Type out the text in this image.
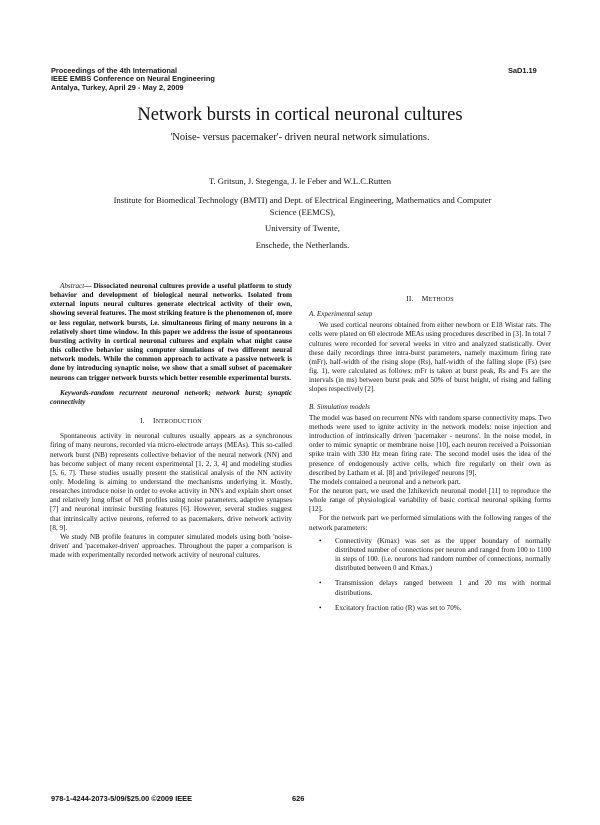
Proceedings of the 4th International
IEEE EMBS Conference on Neural Engineering
Antalya, Turkey, April 29 - May 2, 2009
SaD1.19
Network bursts in cortical neuronal cultures
'Noise- versus pacemaker'- driven neural network simulations.
T. Gritsun, J. Stegenga, J. le Feber and W.L.C.Rutten
Institute for Biomedical Technology (BMTI) and Dept. of Electrical Engineering, Mathematics and Computer
Science (EEMCS),
University of Twente,
Enschede, the Netherlands.

Abstract— Dissociated neuronal cultures provide a useful platform to study behavior and development of biological neural networks. Isolated from external inputs neural cultures generate electrical activity of their own, showing several features. The most striking feature is the phenomenon of, more or less regular, network bursts, i.e. simultaneous firing of many neurons in a relatively short time window. In this paper we address the issue of spontaneous bursting activity in cortical neuronal cultures and explain what might cause this collective behavior using computer simulations of two different neural network models. While the common approach to activate a passive network is done by introducing synaptic noise, we show that a small subset of pacemaker neurons can trigger network bursts which better resemble experimental bursts.

Keywords-random recurrent neuronal network; network burst; synaptic connectivity

I. INTRODUCTION

Spontaneous activity in neuronal cultures usually appears as a synchronous firing of many neurons, recorded via micro-electrode arrays (MEAs). This so-called network burst (NB) represents collective behavior of the neural network (NN) and has become subject of many recent experimental [1, 2, 3, 4] and modeling studies [5, 6, 7]. These studies usually present the statistical analysis of the NN activity only. Modeling is aiming to understand the mechanisms underlying it. Mostly, researches introduce noise in order to evoke activity in NN's and explain short onset and relatively long offset of NB profiles using noise parameters, adaptive synapses [7] and neuronal intrinsic bursting features [6]. However, several studies suggest that intrinsically active neurons, referred to as pacemakers, drive network activity [8, 9].

We study NB profile features in computer simulated models using both 'noise-driven' and 'pacemaker-driven' approaches. Throughout the paper a comparison is made with experimentally recorded network activity of neuronal cultures.

II. METHODS

A. Experimental setup

We used cortical neurons obtained from either newborn or E18 Wistar rats. The cells were plated on 60 electrode MEAs using procedures described in [3]. In total 7 cultures were recorded for several weeks in vitro and analyzed statistically. Over these daily recordings three intra-burst parameters, namely maximum firing rate (mFr), half-width of the rising slope (Rs), half-width of the falling slope (Fs) (see fig. 1), were calculated as follows: mFr is taken at burst peak, Rs and Fs are the intervals (in ms) between burst peak and 50% of burst height, of rising and falling slopes respectively [2].

B. Simulation models

The model was based on recurrent NNs with random sparse connectivity maps. Two methods were used to ignite activity in the network models: noise injection and introduction of intrinsically driven 'pacemaker - neurons'. In the noise model, in order to mimic synaptic or membrane noise [10], each neuron received a Poissonian spike train with 330 Hz mean firing rate. The second model uses the idea of the presence of endogenously active cells, which fire regularly on their own as described by Latham et al. [8] and 'privileged' neurons [9].

The models contained a neuronal and a network part.

For the neuron part, we used the Izhikevich neuronal model [11] to reproduce the whole range of physiological variability of basic cortical neuronal spiking forms [12].

For the network part we performed simulations with the following ranges of the network parameters:

• Connectivity (Kmax) was set as the upper boundary of normally distributed number of connections per neuron and ranged from 100 to 1100 in steps of 100. (i.e. neurons had random number of connections, normally distributed between 0 and Kmax.)
• Transmission delays ranged between 1 and 20 ms with normal distributions.
• Excitatory fraction ratio (R) was set to 70%.
978-1-4244-2073-5/09/$25.00 ©2009 IEEE	626
